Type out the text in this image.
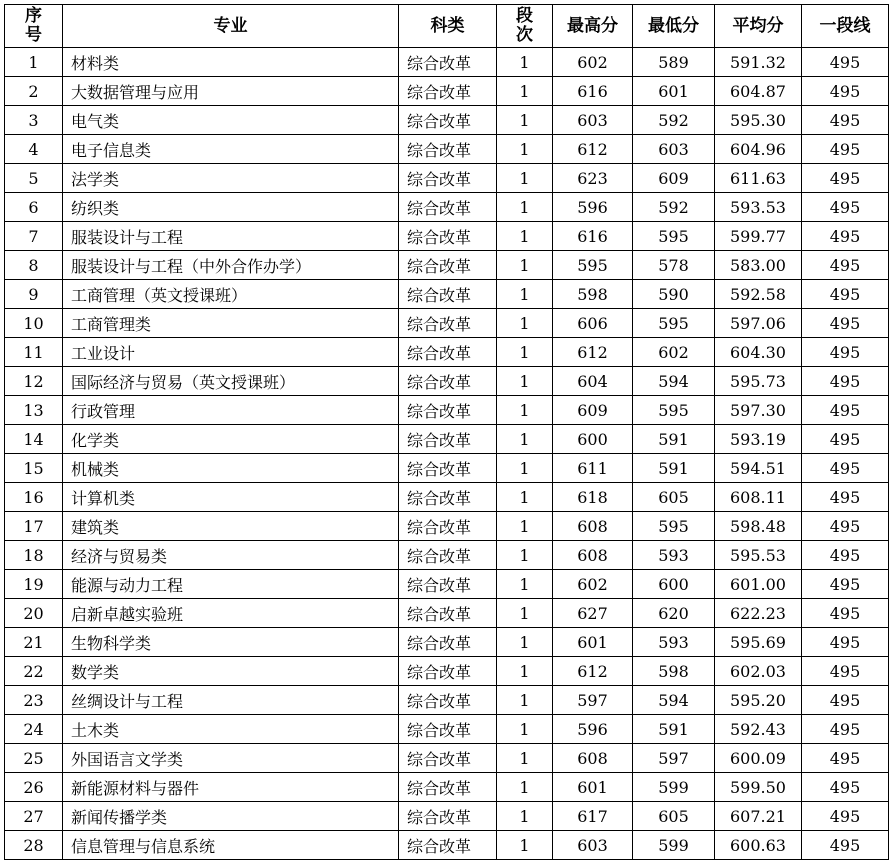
序号	专业	科类	段次	最高分	最低分	平均分	一段线
1	材料类	综合改革	1	602	589	591.32	495
2	大数据管理与应用	综合改革	1	616	601	604.87	495
3	电气类	综合改革	1	603	592	595.30	495
4	电子信息类	综合改革	1	612	603	604.96	495
5	法学类	综合改革	1	623	609	611.63	495
6	纺织类	综合改革	1	596	592	593.53	495
7	服装设计与工程	综合改革	1	616	595	599.77	495
8	服装设计与工程（中外合作办学）	综合改革	1	595	578	583.00	495
9	工商管理（英文授课班）	综合改革	1	598	590	592.58	495
10	工商管理类	综合改革	1	606	595	597.06	495
11	工业设计	综合改革	1	612	602	604.30	495
12	国际经济与贸易（英文授课班）	综合改革	1	604	594	595.73	495
13	行政管理	综合改革	1	609	595	597.30	495
14	化学类	综合改革	1	600	591	593.19	495
15	机械类	综合改革	1	611	591	594.51	495
16	计算机类	综合改革	1	618	605	608.11	495
17	建筑类	综合改革	1	608	595	598.48	495
18	经济与贸易类	综合改革	1	608	593	595.53	495
19	能源与动力工程	综合改革	1	602	600	601.00	495
20	启新卓越实验班	综合改革	1	627	620	622.23	495
21	生物科学类	综合改革	1	601	593	595.69	495
22	数学类	综合改革	1	612	598	602.03	495
23	丝绸设计与工程	综合改革	1	597	594	595.20	495
24	土木类	综合改革	1	596	591	592.43	495
25	外国语言文学类	综合改革	1	608	597	600.09	495
26	新能源材料与器件	综合改革	1	601	599	599.50	495
27	新闻传播学类	综合改革	1	617	605	607.21	495
28	信息管理与信息系统	综合改革	1	603	599	600.63	495
